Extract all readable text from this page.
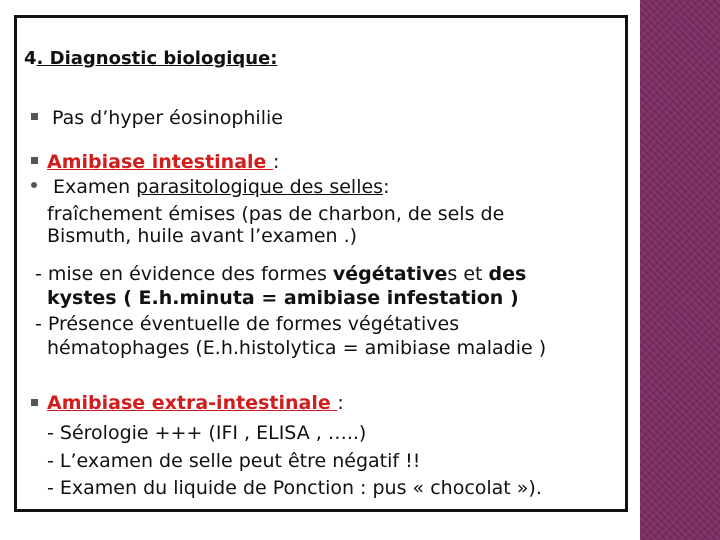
4. Diagnostic biologique:
Pas d’hyper éosinophilie
Amibiase intestinale :
Examen parasitologique des selles:
fraîchement émises (pas de charbon, de sels de
Bismuth, huile avant l’examen .)
- mise en évidence des formes végétatives et des
kystes ( E.h.minuta = amibiase infestation )
- Présence éventuelle de formes végétatives
hématophages (E.h.histolytica = amibiase maladie )
Amibiase extra-intestinale :
- Sérologie +++ (IFI , ELISA , …..)
- L’examen de selle peut être négatif !!
- Examen du liquide de Ponction : pus « chocolat »).
